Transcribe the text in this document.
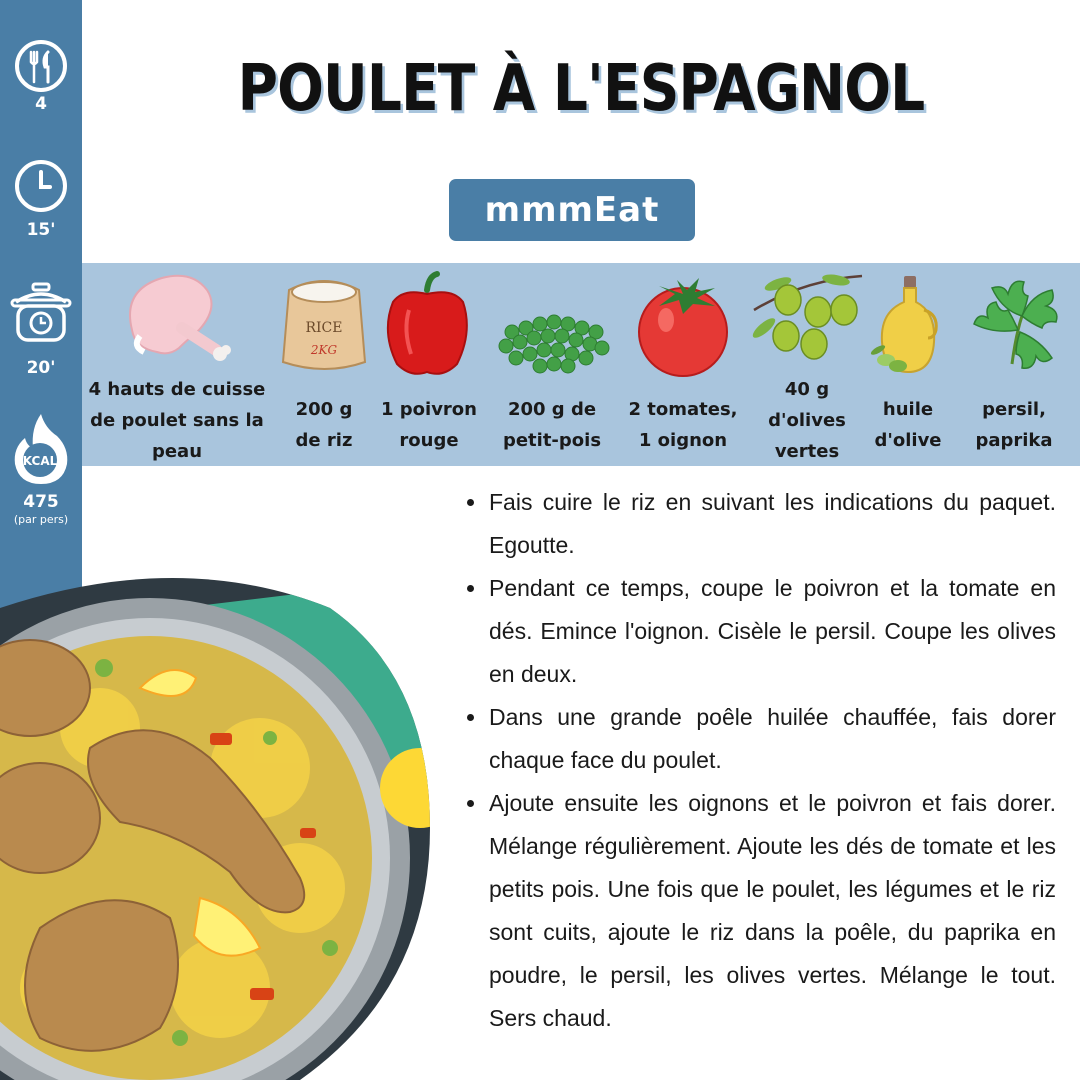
4
15'
20'
KCAL
475
(par pers)
POULET À L'ESPAGNOL
mmmEat
4 hauts de cuisse
de poulet sans la
peau
RICE
2KG
200 g
de riz
1 poivron
rouge
200 g de
petit-pois
2 tomates,
1 oignon
40 g
d'olives
vertes
huile
d'olive
persil,
paprika
Fais cuire le riz en suivant les indications du paquet. Egoutte.
Pendant ce temps, coupe le poivron et la tomate en dés. Emince l'oignon. Cisèle le persil. Coupe les olives en deux.
Dans une grande poêle huilée chauffée, fais dorer chaque face du poulet.
Ajoute ensuite les oignons et le poivron et fais dorer. Mélange régulièrement. Ajoute les dés de tomate et les petits pois. Une fois que le poulet, les légumes et le riz sont cuits, ajoute le riz dans la poêle, du paprika en poudre, le persil, les olives vertes. Mélange le tout. Sers chaud.
